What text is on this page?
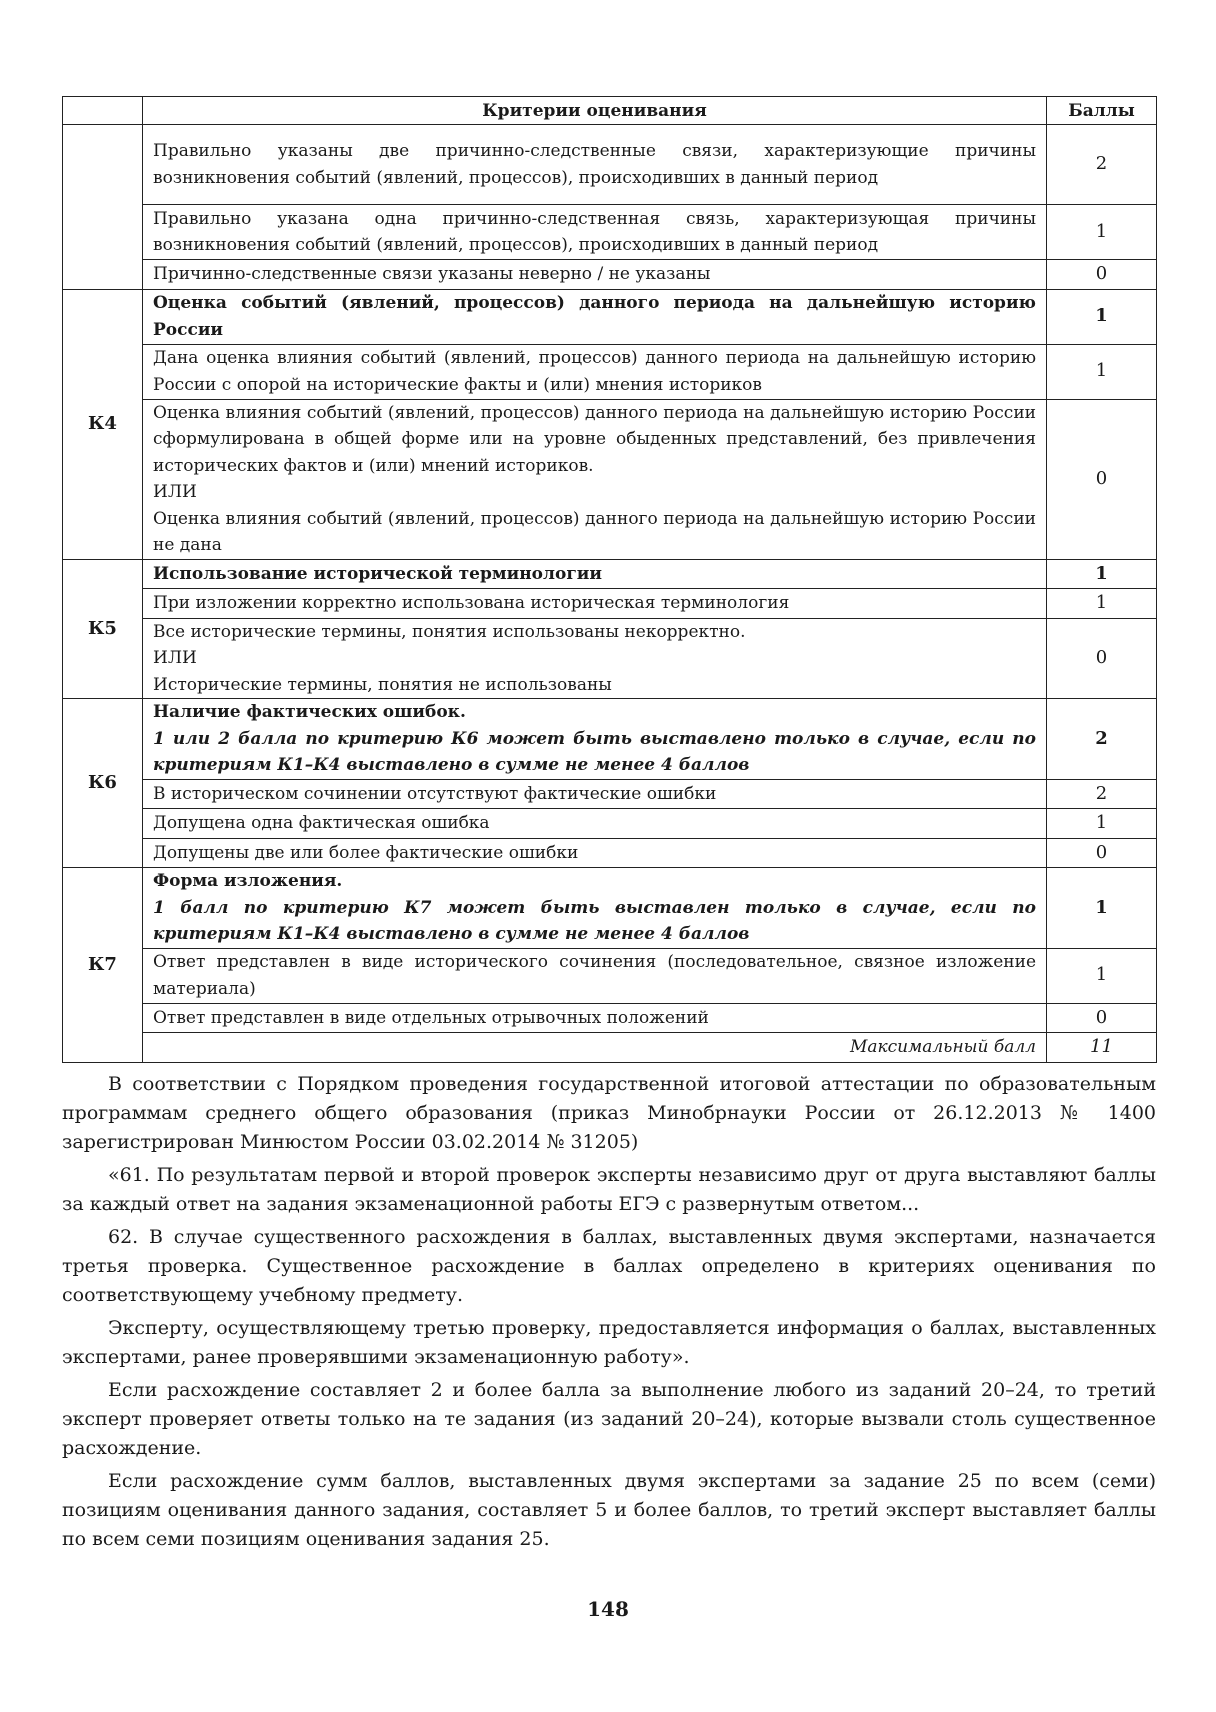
	Критерии оценивания	Баллы
	Правильно указаны две причинно-следственные связи, характеризующие причины возникновения событий (явлений, процессов), происходивших в данный период	2
	Правильно указана одна причинно-следственная связь, характеризующая причины возникновения событий (явлений, процессов), происходивших в данный период	1
	Причинно-следственные связи указаны неверно / не указаны	0
К4	Оценка событий (явлений, процессов) данного периода на дальнейшую историю России	1
	Дана оценка влияния событий (явлений, процессов) данного периода на дальнейшую историю России с опорой на исторические факты и (или) мнения историков	1

	Оценка влияния событий (явлений, процессов) данного периода на дальнейшую историю России сформулирована в общей форме или на уровне обыденных представлений, без привлечения исторических фактов и (или) мнений историков.
ИЛИ
Оценка влияния событий (явлений, процессов) данного периода на дальнейшую историю России не дана	0
К5	Использование исторической терминологии	1
	При изложении корректно использована историческая терминология	1

	Все исторические термины, понятия использованы некорректно.
ИЛИ
Исторические термины, понятия не использованы	0
К6	Наличие фактических ошибок.
1 или 2 балла по критерию К6 может быть выставлено только в случае, если по критериям К1–К4 выставлено в сумме не менее 4 баллов	2
	В историческом сочинении отсутствуют фактические ошибки	2
	Допущена одна фактическая ошибка	1
	Допущены две или более фактические ошибки	0
К7	Форма изложения.
1 балл по критерию К7 может быть выставлен только в случае, если по критериям К1–К4 выставлено в сумме не менее 4 баллов	1
	Ответ представлен в виде исторического сочинения (последовательное, связное изложение материала)	1
	Ответ представлен в виде отдельных отрывочных положений	0
	Максимальный балл	11

В соответствии с Порядком проведения государственной итоговой аттестации по образовательным программам среднего общего образования (приказ Минобрнауки России от 26.12.2013 № 1400 зарегистрирован Минюстом России 03.02.2014 № 31205)

«61. По результатам первой и второй проверок эксперты независимо друг от друга выставляют баллы за каждый ответ на задания экзаменационной работы ЕГЭ с развернутым ответом...

62. В случае существенного расхождения в баллах, выставленных двумя экспертами, назначается третья проверка. Существенное расхождение в баллах определено в критериях оценивания по соответствующему учебному предмету.

Эксперту, осуществляющему третью проверку, предоставляется информация о баллах, выставленных экспертами, ранее проверявшими экзаменационную работу».

Если расхождение составляет 2 и более балла за выполнение любого из заданий 20–24, то третий эксперт проверяет ответы только на те задания (из заданий 20–24), которые вызвали столь существенное расхождение.

Если расхождение сумм баллов, выставленных двумя экспертами за задание 25 по всем (семи) позициям оценивания данного задания, составляет 5 и более баллов, то третий эксперт выставляет баллы по всем семи позициям оценивания задания 25.

148
